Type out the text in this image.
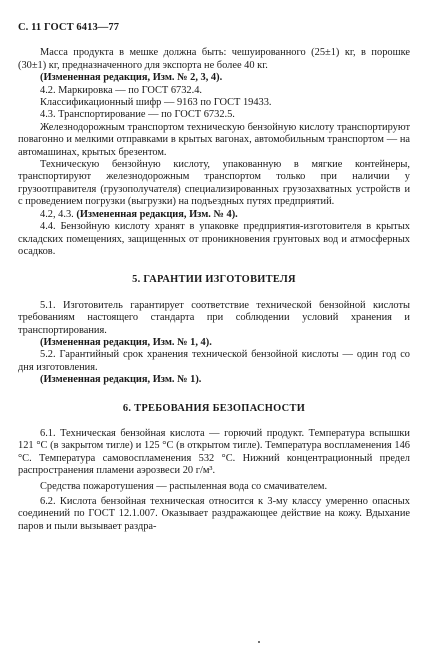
С. 11 ГОСТ 6413—77

Масса продукта в мешке должна быть: чешуированного (25±1) кг, в порошке (30±1) кг, предназначенного для экспорта не более 40 кг.

(Измененная редакция, Изм. № 2, 3, 4).

4.2. Маркировка — по ГОСТ 6732.4.

Классификационный шифр — 9163 по ГОСТ 19433.

4.3. Транспортирование — по ГОСТ 6732.5.

Железнодорожным транспортом техническую бензойную кислоту транспортируют повагонно и мелкими отправками в крытых вагонах, автомобильным транспортом — на автомашинах, крытых брезентом.

Техническую бензойную кислоту, упакованную в мягкие контейнеры, транспортируют железнодорожным транспортом только при наличии у грузоотправителя (грузополучателя) специализированных грузозахватных устройств и с проведением погрузки (выгрузки) на подъездных путях предприятий.

4.2, 4.3. (Измененная редакция, Изм. № 4).

4.4. Бензойную кислоту хранят в упаковке предприятия-изготовителя в крытых складских помещениях, защищенных от проникновения грунтовых вод и атмосферных осадков.

5. ГАРАНТИИ ИЗГОТОВИТЕЛЯ

5.1. Изготовитель гарантирует соответствие технической бензойной кислоты требованиям настоящего стандарта при соблюдении условий хранения и транспортирования.

(Измененная редакция, Изм. № 1, 4).

5.2. Гарантийный срок хранения технической бензойной кислоты — один год со дня изготовления.

(Измененная редакция, Изм. № 1).

6. ТРЕБОВАНИЯ БЕЗОПАСНОСТИ

6.1. Техническая бензойная кислота — горючий продукт. Температура вспышки 121 °С (в закрытом тигле) и 125 °С (в открытом тигле). Температура воспламенения 146 °С. Температура самовоспламенения 532 °С. Нижний концентрационный предел распространения пламени аэрозвеси 20 г/м³.

Средства пожаротушения — распыленная вода со смачивателем.

6.2. Кислота бензойная техническая относится к 3-му классу умеренно опасных соединений по ГОСТ 12.1.007. Оказывает раздражающее действие на кожу. Вдыхание паров и пыли вызывает раздра-
